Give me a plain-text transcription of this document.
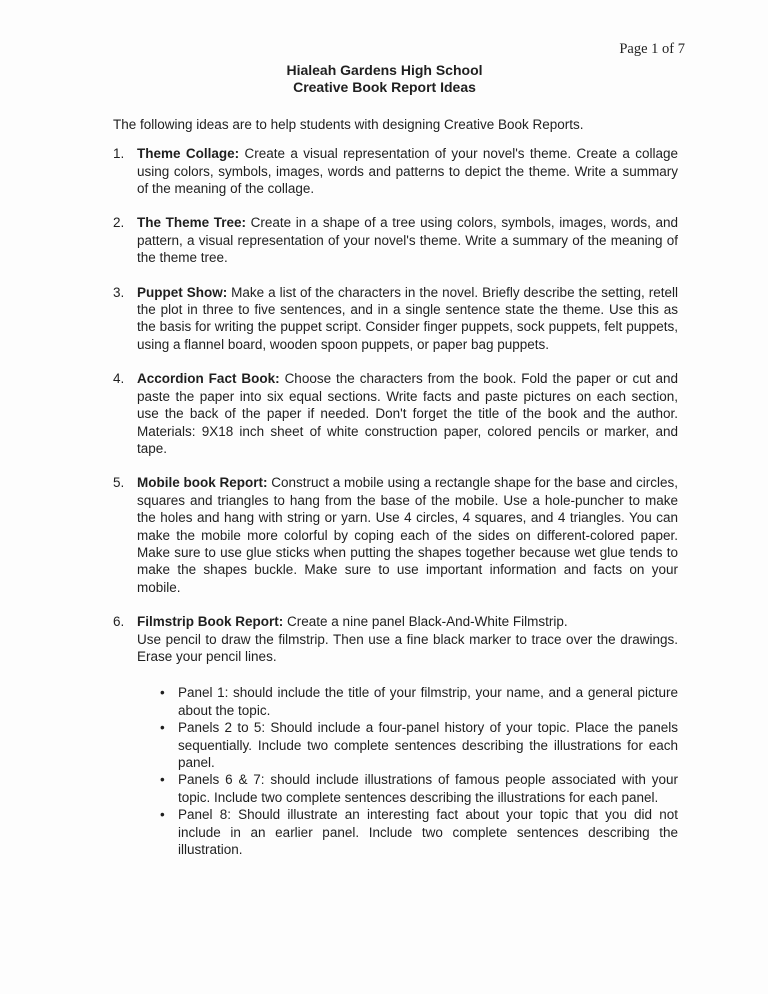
Page 1 of 7
Hialeah Gardens High School
Creative Book Report Ideas

The following ideas are to help students with designing Creative Book Reports.

1. Theme Collage: Create a visual representation of your novel's theme. Create a collage using colors, symbols, images, words and patterns to depict the theme. Write a summary of the meaning of the collage.
2. The Theme Tree: Create in a shape of a tree using colors, symbols, images, words, and pattern, a visual representation of your novel's theme. Write a summary of the meaning of the theme tree.
3. Puppet Show: Make a list of the characters in the novel. Briefly describe the setting, retell the plot in three to five sentences, and in a single sentence state the theme. Use this as the basis for writing the puppet script. Consider finger puppets, sock puppets, felt puppets, using a flannel board, wooden spoon puppets, or paper bag puppets.
4. Accordion Fact Book: Choose the characters from the book. Fold the paper or cut and paste the paper into six equal sections. Write facts and paste pictures on each section, use the back of the paper if needed. Don't forget the title of the book and the author. Materials: 9X18 inch sheet of white construction paper, colored pencils or marker, and tape.
5. Mobile book Report: Construct a mobile using a rectangle shape for the base and circles, squares and triangles to hang from the base of the mobile. Use a hole-puncher to make the holes and hang with string or yarn. Use 4 circles, 4 squares, and 4 triangles. You can make the mobile more colorful by coping each of the sides on different-colored paper. Make sure to use glue sticks when putting the shapes together because wet glue tends to make the shapes buckle. Make sure to use important information and facts on your mobile.
6. Filmstrip Book Report: Create a nine panel Black-And-White Filmstrip.
Use pencil to draw the filmstrip. Then use a fine black marker to trace over the drawings. Erase your pencil lines.
• Panel 1: should include the title of your filmstrip, your name, and a general picture about the topic.
• Panels 2 to 5: Should include a four-panel history of your topic. Place the panels sequentially. Include two complete sentences describing the illustrations for each panel.
• Panels 6 & 7: should include illustrations of famous people associated with your topic. Include two complete sentences describing the illustrations for each panel.
• Panel 8: Should illustrate an interesting fact about your topic that you did not include in an earlier panel. Include two complete sentences describing the illustration.
